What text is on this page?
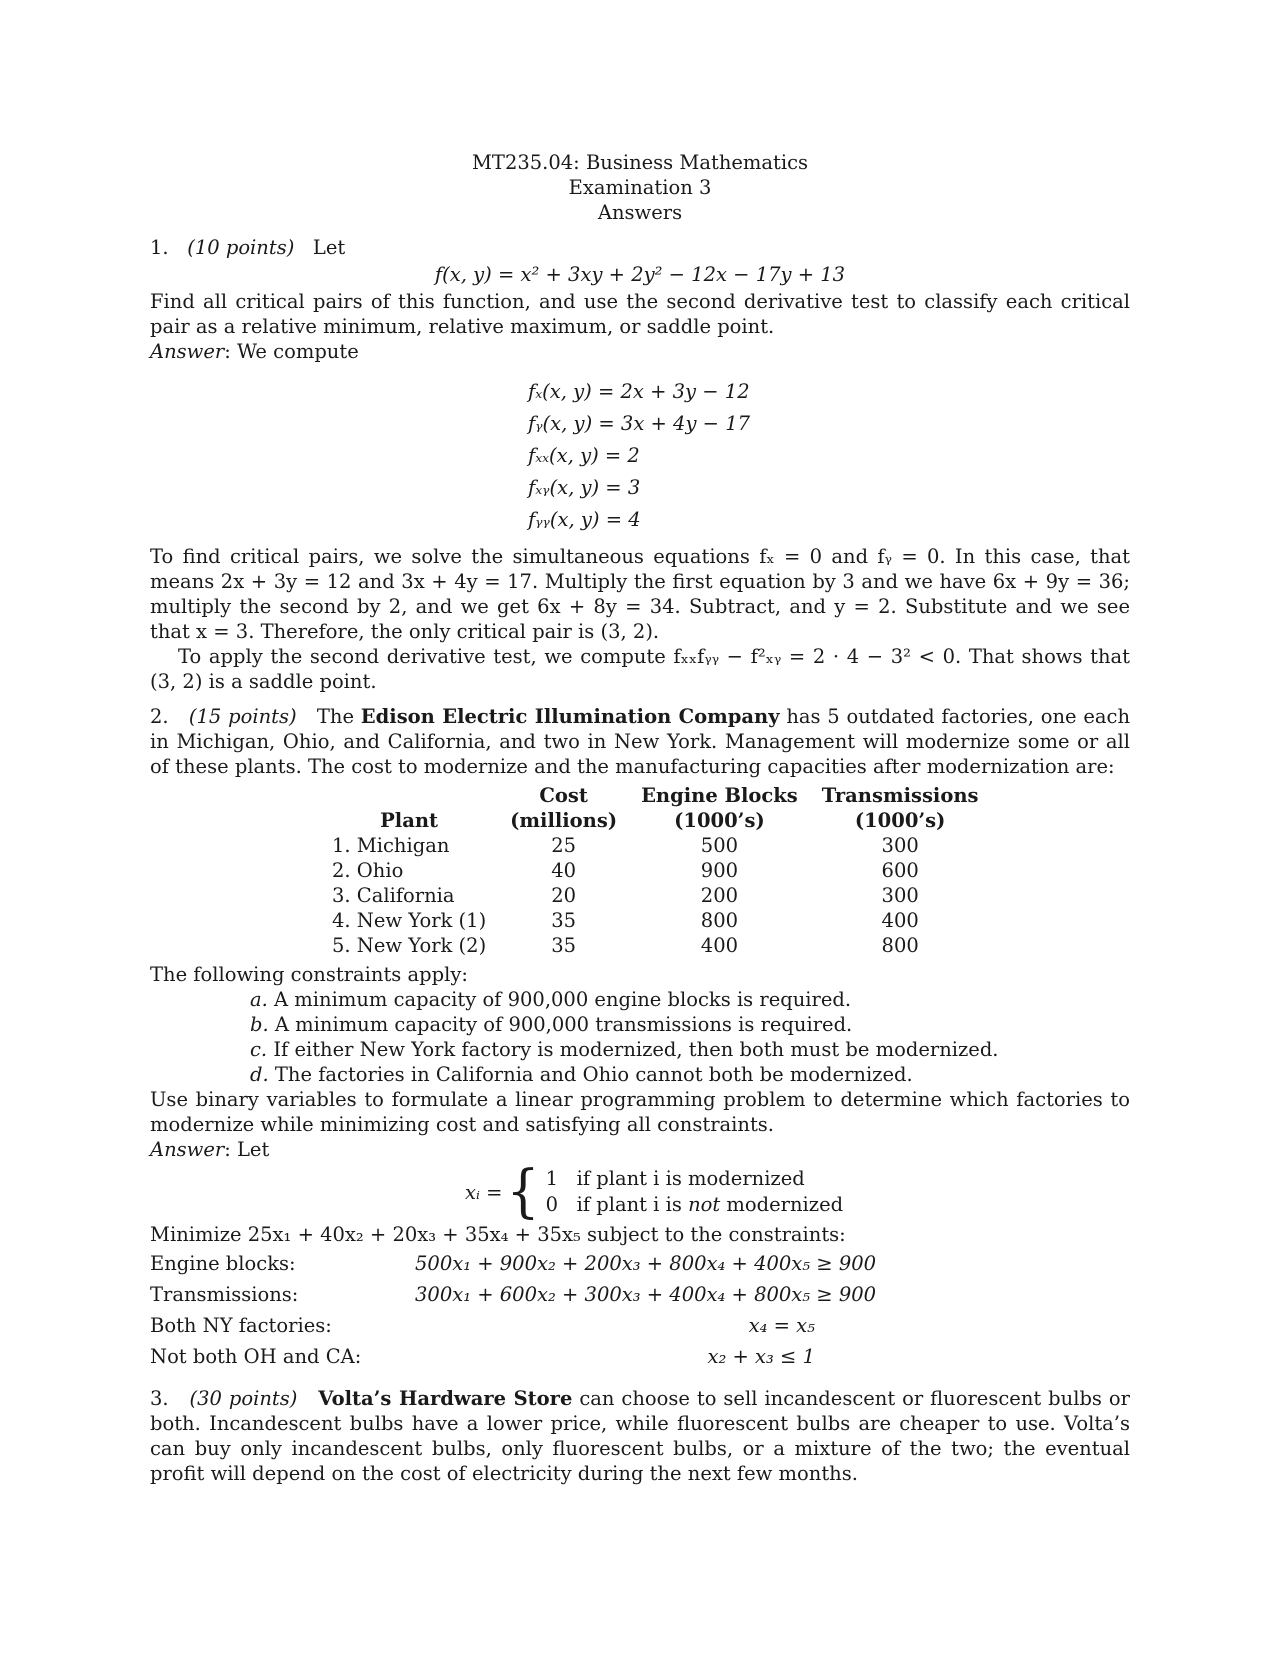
MT235.04: Business Mathematics
Examination 3
Answers

1. (10 points) Let

f(x, y) = x² + 3xy + 2y² − 12x − 17y + 13

Find all critical pairs of this function, and use the second derivative test to classify each critical pair as a relative minimum, relative maximum, or saddle point.

Answer: We compute

fₓ(x, y) = 2x + 3y − 12
fᵧ(x, y) = 3x + 4y − 17
fₓₓ(x, y) = 2
fₓᵧ(x, y) = 3
fᵧᵧ(x, y) = 4

To find critical pairs, we solve the simultaneous equations fₓ = 0 and fᵧ = 0. In this case, that means 2x + 3y = 12 and 3x + 4y = 17. Multiply the first equation by 3 and we have 6x + 9y = 36; multiply the second by 2, and we get 6x + 8y = 34. Subtract, and y = 2. Substitute and we see that x = 3. Therefore, the only critical pair is (3, 2).

To apply the second derivative test, we compute fₓₓfᵧᵧ − f²ₓᵧ = 2 · 4 − 3² < 0. That shows that (3, 2) is a saddle point.

2. (15 points) The Edison Electric Illumination Company has 5 outdated factories, one each in Michigan, Ohio, and California, and two in New York. Management will modernize some or all of these plants. The cost to modernize and the manufacturing capacities after modernization are:

	Cost	Engine Blocks	Transmissions
Plant	(millions)	(1000’s)	(1000’s)
1. Michigan	25	500	300
2. Ohio	40	900	600
3. California	20	200	300
4. New York (1)	35	800	400
5. New York (2)	35	400	800

The following constraints apply:

a. A minimum capacity of 900,000 engine blocks is required.
b. A minimum capacity of 900,000 transmissions is required.
c. If either New York factory is modernized, then both must be modernized.
d. The factories in California and Ohio cannot both be modernized.

Use binary variables to formulate a linear programming problem to determine which factories to modernize while minimizing cost and satisfying all constraints.

Answer: Let

xᵢ = { 1 if plant i is modernized
0 if plant i is not modernized

Minimize 25x₁ + 40x₂ + 20x₃ + 35x₄ + 35x₅ subject to the constraints:

Engine blocks:	500x₁ + 900x₂ + 200x₃ + 800x₄ + 400x₅ ≥ 900
Transmissions:	300x₁ + 600x₂ + 300x₃ + 400x₄ + 800x₅ ≥ 900
Both NY factories:	x₄ = x₅
Not both OH and CA:	x₂ + x₃ ≤ 1

3. (30 points) Volta’s Hardware Store can choose to sell incandescent or fluorescent bulbs or both. Incandescent bulbs have a lower price, while fluorescent bulbs are cheaper to use. Volta’s can buy only incandescent bulbs, only fluorescent bulbs, or a mixture of the two; the eventual profit will depend on the cost of electricity during the next few months.
